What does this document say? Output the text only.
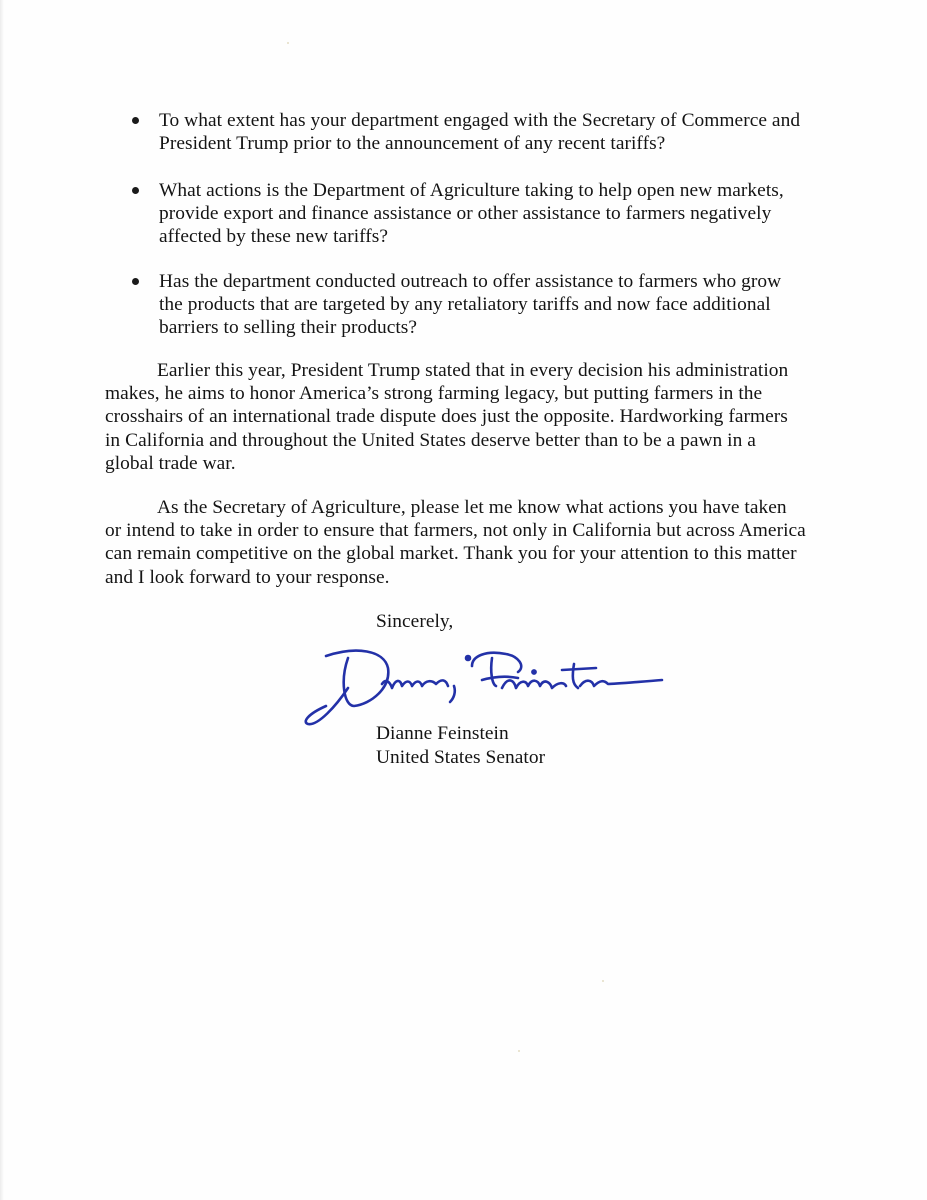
To what extent has your department engaged with the Secretary of Commerce and
President Trump prior to the announcement of any recent tariffs?
What actions is the Department of Agriculture taking to help open new markets,
provide export and finance assistance or other assistance to farmers negatively
affected by these new tariffs?
Has the department conducted outreach to offer assistance to farmers who grow
the products that are targeted by any retaliatory tariffs and now face additional
barriers to selling their products?
Earlier this year, President Trump stated that in every decision his administration
makes, he aims to honor America’s strong farming legacy, but putting farmers in the
crosshairs of an international trade dispute does just the opposite. Hardworking farmers
in California and throughout the United States deserve better than to be a pawn in a
global trade war.
As the Secretary of Agriculture, please let me know what actions you have taken
or intend to take in order to ensure that farmers, not only in California but across America
can remain competitive on the global market. Thank you for your attention to this matter
and I look forward to your response.
Sincerely,
Dianne Feinstein
United States Senator
